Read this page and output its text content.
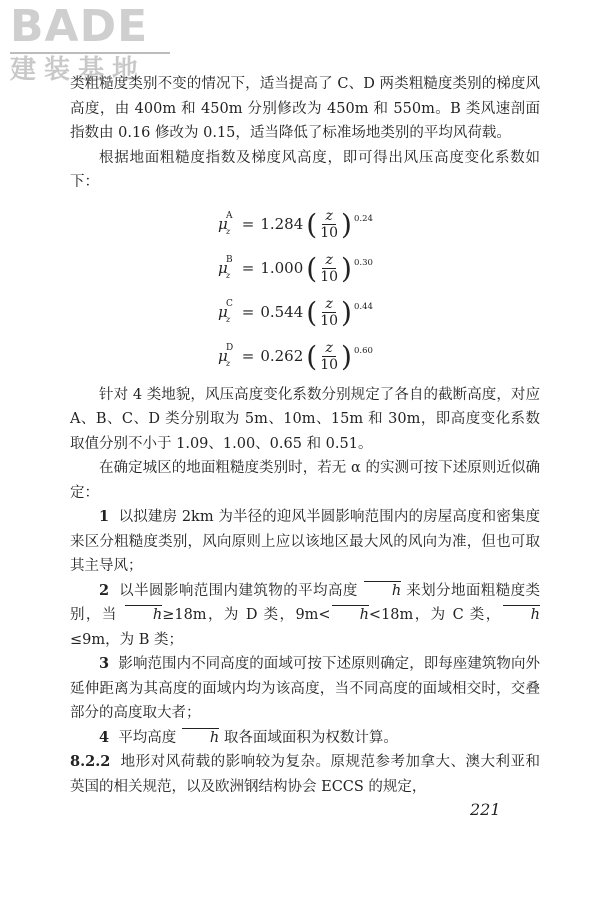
BADE
建装基地

类粗糙度类别不变的情况下，适当提高了 C、D 两类粗糙度类别的梯度风高度，由 400m 和 450m 分别修改为 450m 和 550m。B 类风速剖面指数由 0.16 修改为 0.15，适当降低了标准场地类别的平均风荷载。

根据地面粗糙度指数及梯度风高度，即可得出风压高度变化系数如下：

μ
A
z = 1.284 ( $\frac{z}{10}$ ) 0.24
μ
B
z = 1.000 ( $\frac{z}{10}$ ) 0.30
μ
C
z = 0.544 ( $\frac{z}{10}$ ) 0.44
μ
D
z = 0.262 ( $\frac{z}{10}$ ) 0.60

针对 4 类地貌，风压高度变化系数分别规定了各自的截断高度，对应 A、B、C、D 类分别取为 5m、10m、15m 和 30m，即高度变化系数取值分别不小于 1.09、1.00、0.65 和 0.51。

在确定城区的地面粗糙度类别时，若无 α 的实测可按下述原则近似确定：

1 以拟建房 2km 为半径的迎风半圆影响范围内的房屋高度和密集度来区分粗糙度类别，风向原则上应以该地区最大风的风向为准，但也可取其主导风；

2 以半圆影响范围内建筑物的平均高度 h 来划分地面粗糙度类别，当 h≥18m，为 D 类，9m< h<18m，为 C 类， h≤9m，为 B 类；

3 影响范围内不同高度的面域可按下述原则确定，即每座建筑物向外延伸距离为其高度的面域内均为该高度，当不同高度的面域相交时，交叠部分的高度取大者；

4 平均高度 h 取各面域面积为权数计算。

8.2.2 地形对风荷载的影响较为复杂。原规范参考加拿大、澳大利亚和英国的相关规范，以及欧洲钢结构协会 ECCS 的规定，

221
